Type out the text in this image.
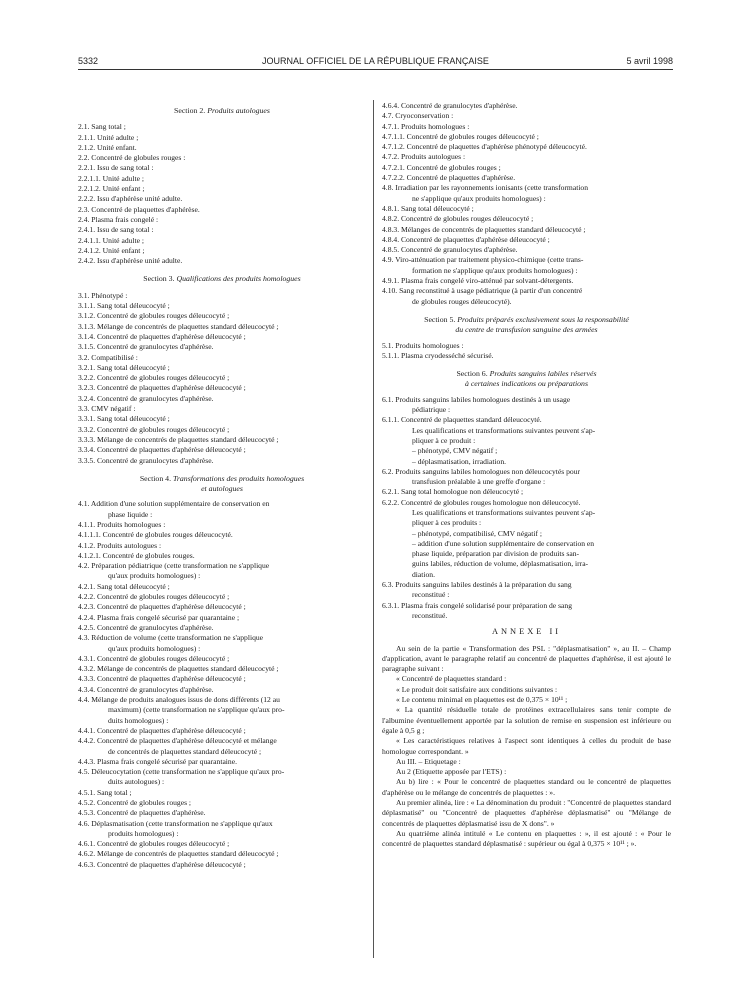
5332	JOURNAL OFFICIEL DE LA RÉPUBLIQUE FRANÇAISE	5 avril 1998
Section 2. Produits autologues
2.1. Sang total ;
2.1.1. Unité adulte ;
2.1.2. Unité enfant.
2.2. Concentré de globules rouges :
2.2.1. Issu de sang total :
2.2.1.1. Unité adulte ;
2.2.1.2. Unité enfant ;
2.2.2. Issu d'aphérèse unité adulte.
2.3. Concentré de plaquettes d'aphérèse.
2.4. Plasma frais congelé :
2.4.1. Issu de sang total :
2.4.1.1. Unité adulte ;
2.4.1.2. Unité enfant ;
2.4.2. Issu d'aphérèse unité adulte.
Section 3. Qualifications des produits homologues
3.1. Phénotypé :
3.1.1. Sang total déleucocyté ;
3.1.2. Concentré de globules rouges déleucocyté ;
3.1.3. Mélange de concentrés de plaquettes standard déleucocyté ;
3.1.4. Concentré de plaquettes d'aphérèse déleucocyté ;
3.1.5. Concentré de granulocytes d'aphérèse.
3.2. Compatibilisé :
3.2.1. Sang total déleucocyté ;
3.2.2. Concentré de globules rouges déleucocyté ;
3.2.3. Concentré de plaquettes d'aphérèse déleucocyté ;
3.2.4. Concentré de granulocytes d'aphérèse.
3.3. CMV négatif :
3.3.1. Sang total déleucocyté ;
3.3.2. Concentré de globules rouges déleucocyté ;
3.3.3. Mélange de concentrés de plaquettes standard déleucocyté ;
3.3.4. Concentré de plaquettes d'aphérèse déleucocyté ;
3.3.5. Concentré de granulocytes d'aphérèse.
Section 4. Transformations des produits homologues
et autologues
4.1. Addition d'une solution supplémentaire de conservation en
phase liquide :
4.1.1. Produits homologues :
4.1.1.1. Concentré de globules rouges déleucocyté.
4.1.2. Produits autologues :
4.1.2.1. Concentré de globules rouges.
4.2. Préparation pédiatrique (cette transformation ne s'applique
qu'aux produits homologues) :
4.2.1. Sang total déleucocyté ;
4.2.2. Concentré de globules rouges déleucocyté ;
4.2.3. Concentré de plaquettes d'aphérèse déleucocyté ;
4.2.4. Plasma frais congelé sécurisé par quarantaine ;
4.2.5. Concentré de granulocytes d'aphérèse.
4.3. Réduction de volume (cette transformation ne s'applique
qu'aux produits homologues) :
4.3.1. Concentré de globules rouges déleucocyté ;
4.3.2. Mélange de concentrés de plaquettes standard déleucocyté ;
4.3.3. Concentré de plaquettes d'aphérèse déleucocyté ;
4.3.4. Concentré de granulocytes d'aphérèse.
4.4. Mélange de produits analogues issus de dons différents (12 au
maximum) (cette transformation ne s'applique qu'aux pro-
duits homologues) :
4.4.1. Concentré de plaquettes d'aphérèse déleucocyté ;
4.4.2. Concentré de plaquettes d'aphérèse déleucocyté et mélange
de concentrés de plaquettes standard déleucocyté ;
4.4.3. Plasma frais congelé sécurisé par quarantaine.
4.5. Déleucocytation (cette transformation ne s'applique qu'aux pro-
duits autologues) :
4.5.1. Sang total ;
4.5.2. Concentré de globules rouges ;
4.5.3. Concentré de plaquettes d'aphérèse.
4.6. Déplasmatisation (cette transformation ne s'applique qu'aux
produits homologues) :
4.6.1. Concentré de globules rouges déleucocyté ;
4.6.2. Mélange de concentrés de plaquettes standard déleucocyté ;
4.6.3. Concentré de plaquettes d'aphérèse déleucocyté ;
4.6.4. Concentré de granulocytes d'aphérèse.
4.7. Cryoconservation :
4.7.1. Produits homologues :
4.7.1.1. Concentré de globules rouges déleucocyté ;
4.7.1.2. Concentré de plaquettes d'aphérèse phénotypé déleucocyté.
4.7.2. Produits autologues :
4.7.2.1. Concentré de globules rouges ;
4.7.2.2. Concentré de plaquettes d'aphérèse.
4.8. Irradiation par les rayonnements ionisants (cette transformation
ne s'applique qu'aux produits homologues) :
4.8.1. Sang total déleucocyté ;
4.8.2. Concentré de globules rouges déleucocyté ;
4.8.3. Mélanges de concentrés de plaquettes standard déleucocyté ;
4.8.4. Concentré de plaquettes d'aphérèse déleucocyté ;
4.8.5. Concentré de granulocytes d'aphérèse.
4.9. Viro-atténuation par traitement physico-chimique (cette trans-
formation ne s'applique qu'aux produits homologues) :
4.9.1. Plasma frais congelé viro-atténué par solvant-détergents.
4.10. Sang reconstitué à usage pédiatrique (à partir d'un concentré
de globules rouges déleucocyté).
Section 5. Produits préparés exclusivement sous la responsabilité
du centre de transfusion sanguine des armées
5.1. Produits homologues :
5.1.1. Plasma cryodesséché sécurisé.
Section 6. Produits sanguins labiles réservés
à certaines indications ou préparations
6.1. Produits sanguins labiles homologues destinés à un usage
pédiatrique :
6.1.1. Concentré de plaquettes standard déleucocyté.
Les qualifications et transformations suivantes peuvent s'ap-
pliquer à ce produit :
– phénotypé, CMV négatif ;
– déplasmatisation, irradiation.
6.2. Produits sanguins labiles homologues non déleucocytés pour
transfusion préalable à une greffe d'organe :
6.2.1. Sang total homologue non déleucocyté ;
6.2.2. Concentré de globules rouges homologue non déleucocyté.
Les qualifications et transformations suivantes peuvent s'ap-
pliquer à ces produits :
– phénotypé, compatibilisé, CMV négatif ;
– addition d'une solution supplémentaire de conservation en
phase liquide, préparation par division de produits san-
guins labiles, réduction de volume, déplasmatisation, irra-
diation.
6.3. Produits sanguins labiles destinés à la préparation du sang
reconstitué :
6.3.1. Plasma frais congelé solidarisé pour préparation de sang
reconstitué.
ANNEXE II
Au sein de la partie « Transformation des PSL : "déplasmatisation" », au II. – Champ d'application, avant le paragraphe relatif au concentré de plaquettes d'aphérèse, il est ajouté le paragraphe suivant :
« Concentré de plaquettes standard :
« Le produit doit satisfaire aux conditions suivantes :
« Le contenu minimal en plaquettes est de 0,375 × 10¹¹ ;
« La quantité résiduelle totale de protéines extracellulaires sans tenir compte de l'albumine éventuellement apportée par la solution de remise en suspension est inférieure ou égale à 0,5 g ;
« Les caractéristiques relatives à l'aspect sont identiques à celles du produit de base homologue correspondant. »
Au III. – Etiquetage :
Au 2 (Etiquette apposée par l'ETS) :
Au b) lire : « Pour le concentré de plaquettes standard ou le concentré de plaquettes d'aphérèse ou le mélange de concentrés de plaquettes : ».
Au premier alinéa, lire : « La dénomination du produit : "Concentré de plaquettes standard déplasmatisé" ou "Concentré de plaquettes d'aphérèse déplasmatisé" ou "Mélange de concentrés de plaquettes déplasmatisé issu de X dons". »
Au quatrième alinéa intitulé « Le contenu en plaquettes : », il est ajouté : « Pour le concentré de plaquettes standard déplasmatisé : supérieur ou égal à 0,375 × 10¹¹ ; ».
